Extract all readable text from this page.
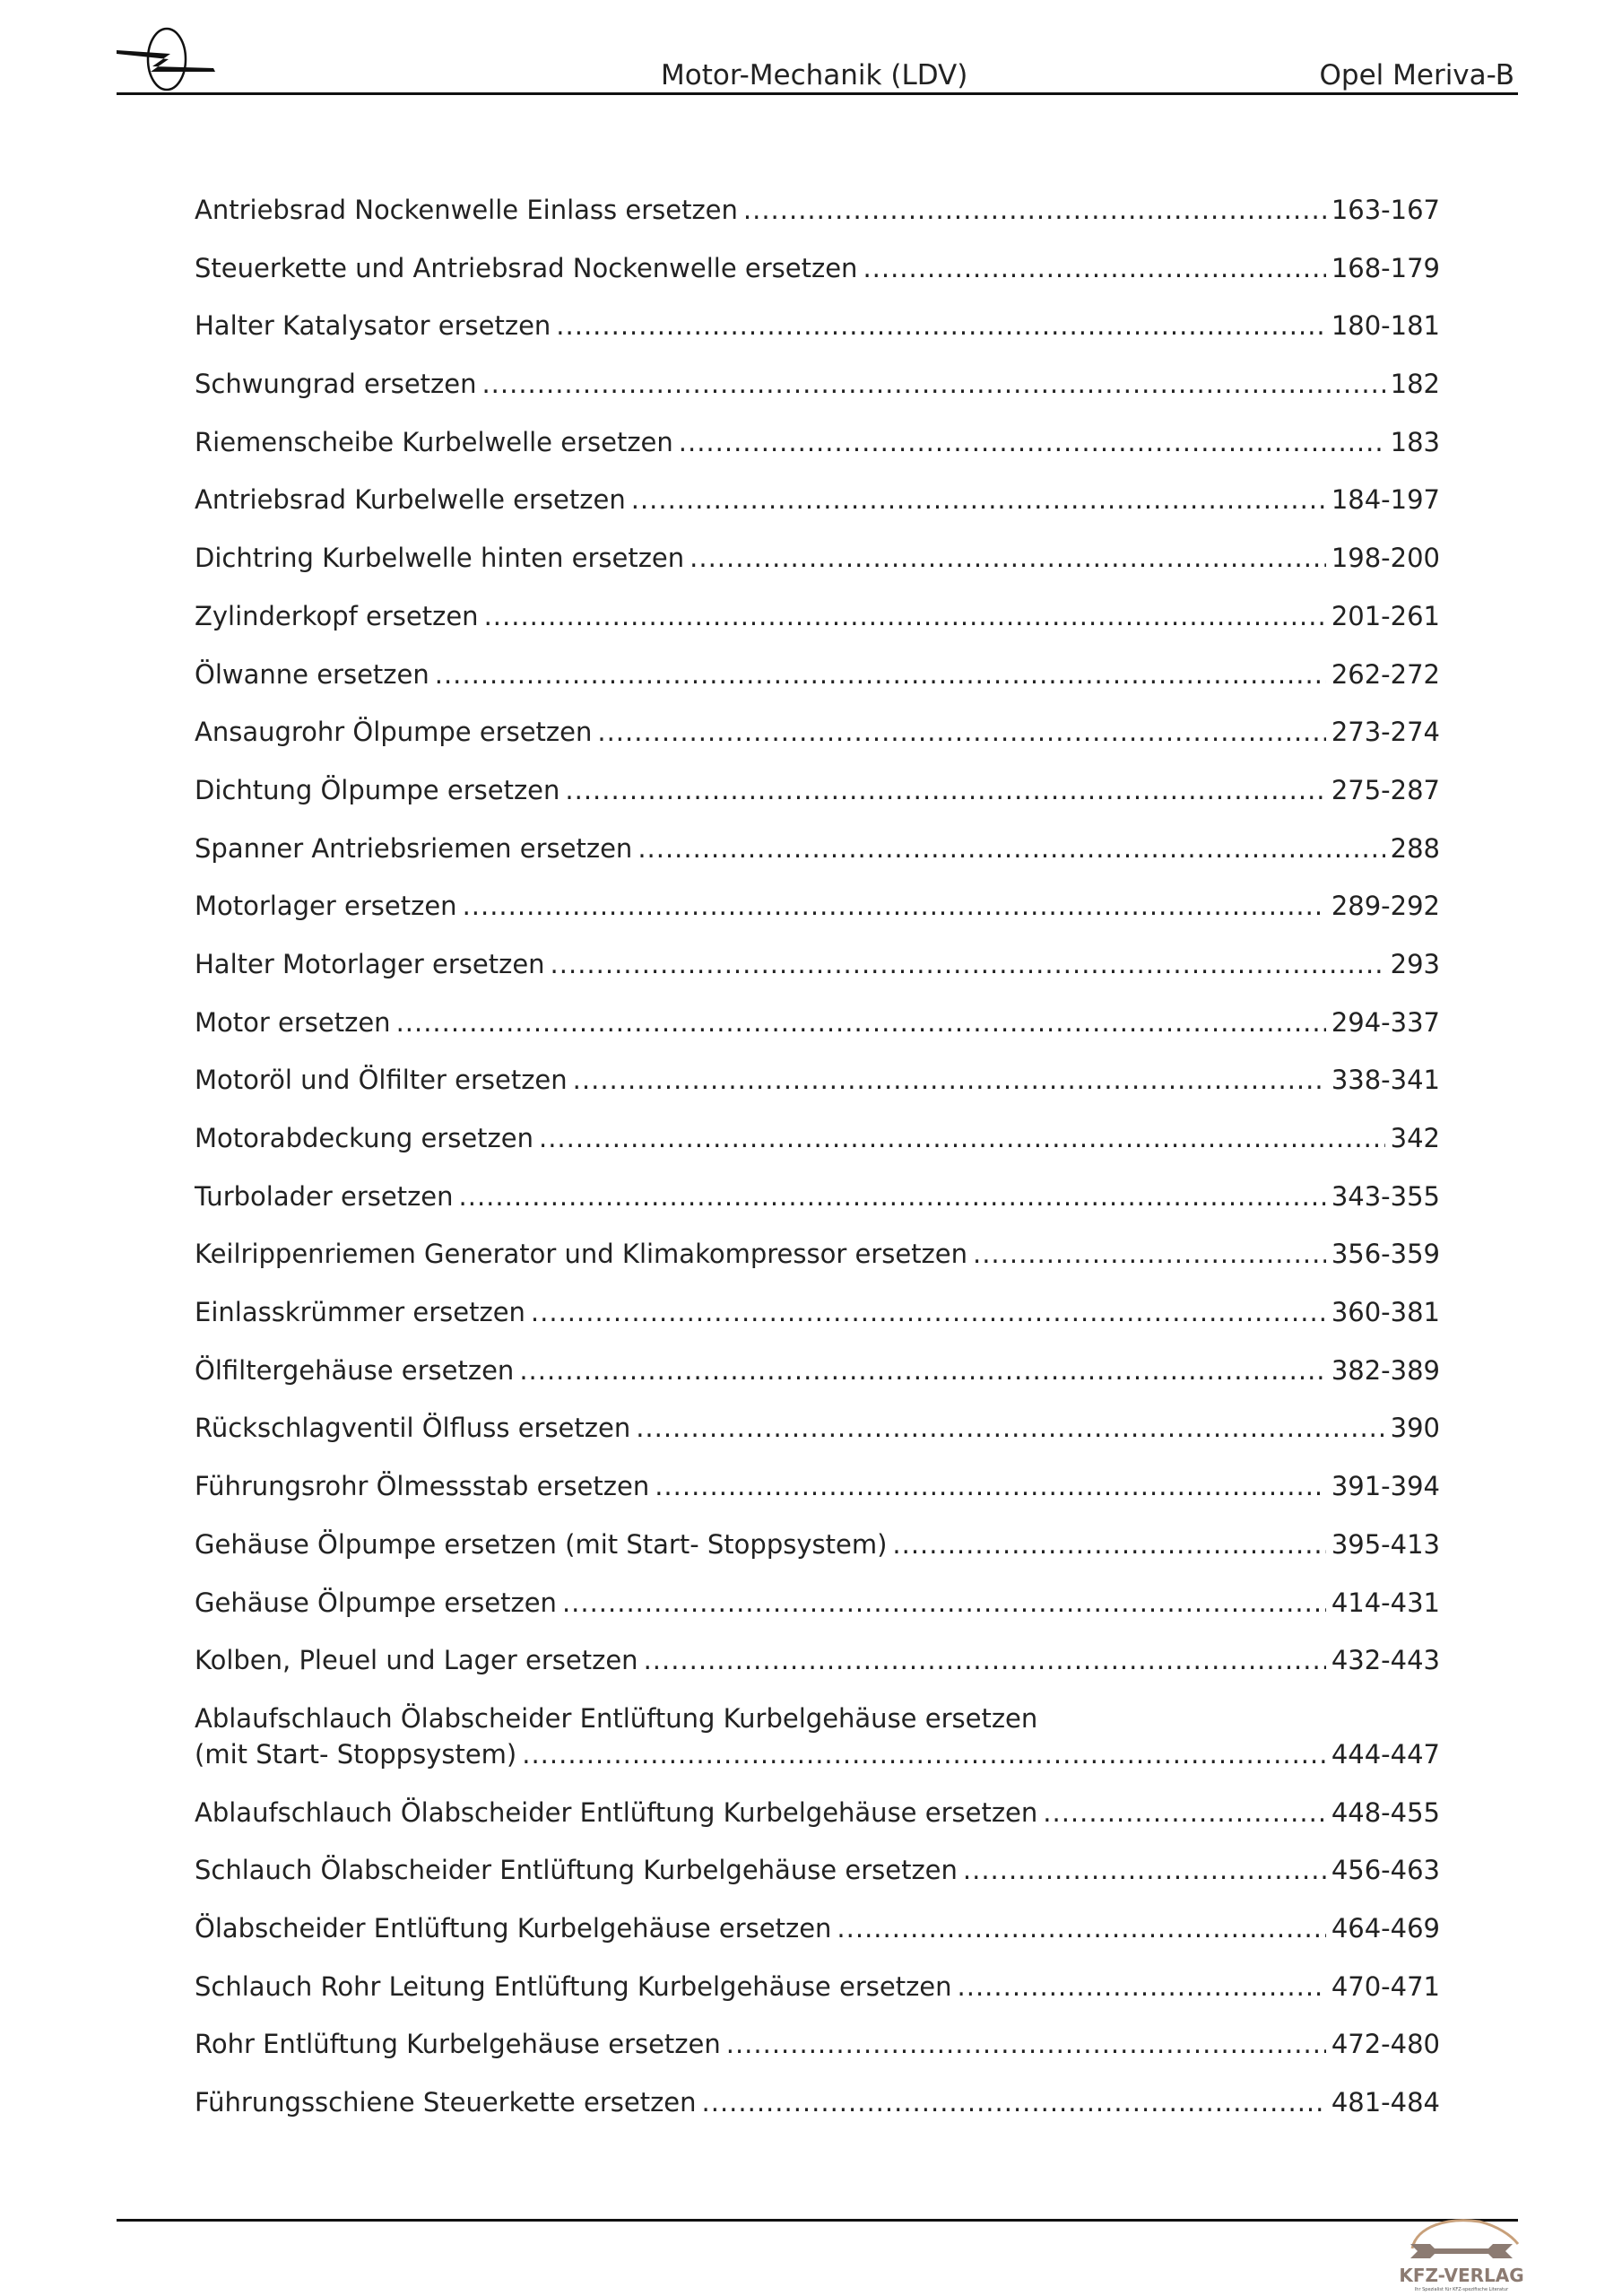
Motor-Mechanik (LDV)	Opel Meriva-B
Antriebsrad Nockenwelle Einlass ersetzen .....	163-167
Steuerkette und Antriebsrad Nockenwelle ersetzen .....	168-179
Halter Katalysator ersetzen .....	180-181
Schwungrad ersetzen .....	182
Riemenscheibe Kurbelwelle ersetzen .....	183
Antriebsrad Kurbelwelle ersetzen .....	184-197
Dichtring Kurbelwelle hinten ersetzen .....	198-200
Zylinderkopf ersetzen .....	201-261
Ölwanne ersetzen .....	262-272
Ansaugrohr Ölpumpe ersetzen .....	273-274
Dichtung Ölpumpe ersetzen .....	275-287
Spanner Antriebsriemen ersetzen .....	288
Motorlager ersetzen .....	289-292
Halter Motorlager ersetzen .....	293
Motor ersetzen .....	294-337
Motoröl und Ölfilter ersetzen .....	338-341
Motorabdeckung ersetzen .....	342
Turbolader ersetzen .....	343-355
Keilrippenriemen Generator und Klimakompressor ersetzen .....	356-359
Einlasskrümmer ersetzen .....	360-381
Ölfiltergehäuse ersetzen .....	382-389
Rückschlagventil Ölfluss ersetzen .....	390
Führungsrohr Ölmessstab ersetzen .....	391-394
Gehäuse Ölpumpe ersetzen (mit Start- Stoppsystem) .....	395-413
Gehäuse Ölpumpe ersetzen .....	414-431
Kolben, Pleuel und Lager ersetzen .....	432-443
Ablaufschlauch Ölabscheider Entlüftung Kurbelgehäuse ersetzen
(mit Start- Stoppsystem) .....	444-447
Ablaufschlauch Ölabscheider Entlüftung Kurbelgehäuse ersetzen .....	448-455
Schlauch Ölabscheider Entlüftung Kurbelgehäuse ersetzen .....	456-463
Ölabscheider Entlüftung Kurbelgehäuse ersetzen .....	464-469
Schlauch Rohr Leitung Entlüftung Kurbelgehäuse ersetzen .....	470-471
Rohr Entlüftung Kurbelgehäuse ersetzen .....	472-480
Führungsschiene Steuerkette ersetzen .....	481-484
KFZ-VERLAG
Ihr Spezialist für KFZ-spezifische Literatur
